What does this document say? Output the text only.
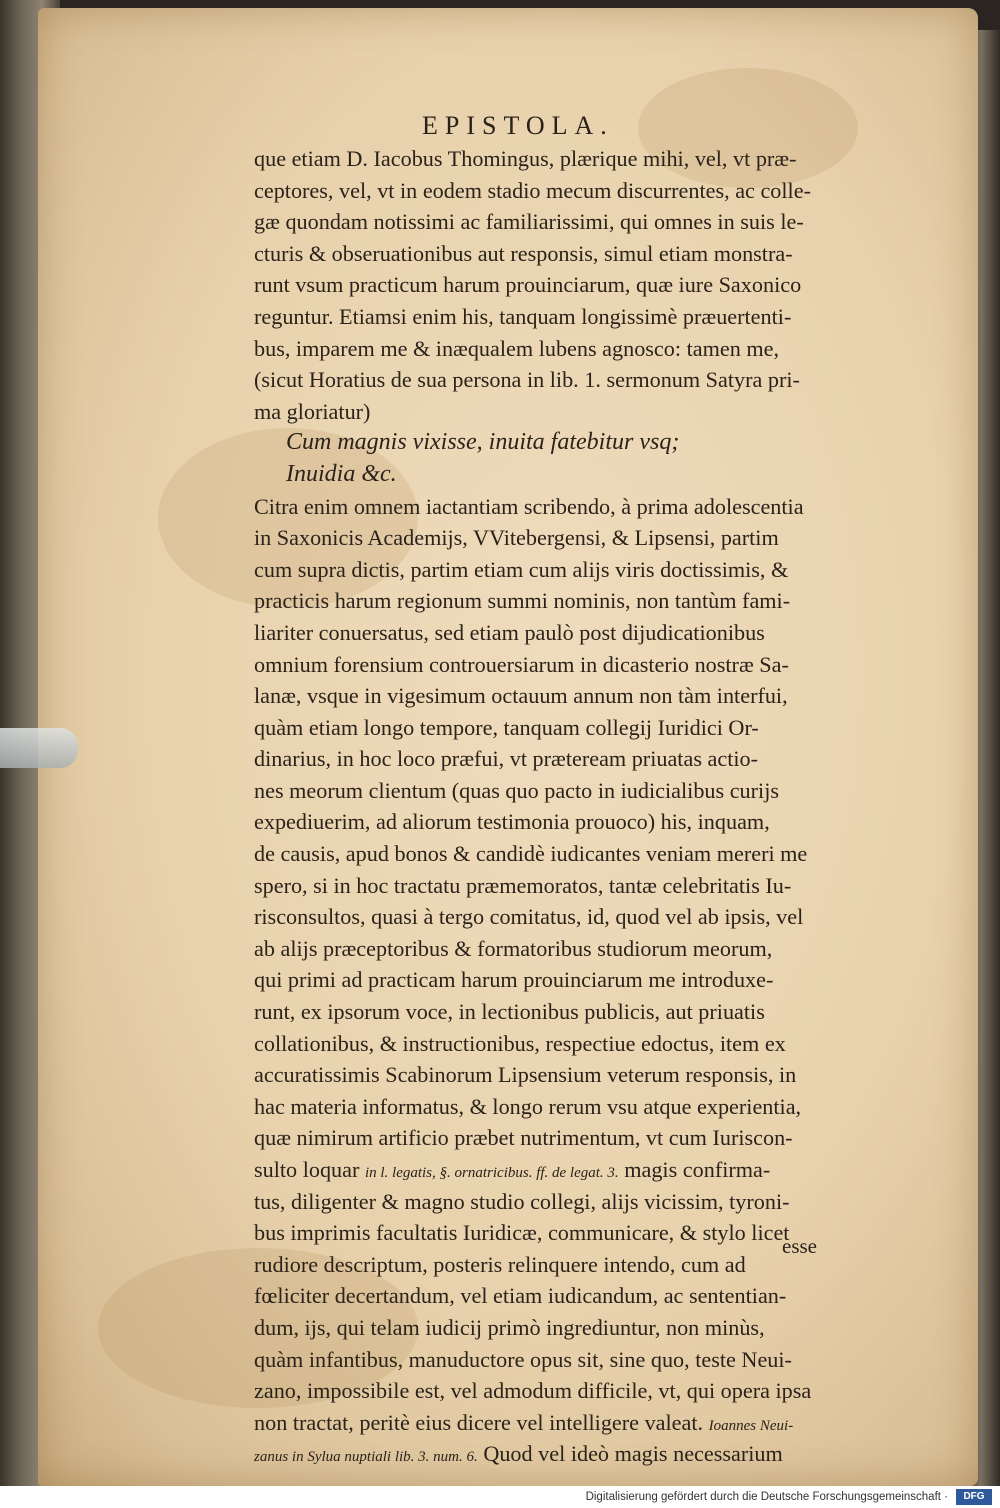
EPISTOLA.
que etiam D. Iacobus Thomingus, plærique mihi, vel, vt præ-
ceptores, vel, vt in eodem stadio mecum discurrentes, ac colle-
gæ quondam notissimi ac familiarissimi, qui omnes in suis le-
cturis & obseruationibus aut responsis, simul etiam monstra-
runt vsum practicum harum prouinciarum, quæ iure Saxonico
reguntur. Etiamsi enim his, tanquam longissimè præuertenti-
bus, imparem me & inæqualem lubens agnosco: tamen me,
(sicut Horatius de sua persona in lib. 1. sermonum Satyra pri-
ma gloriatur)
Cum magnis vixisse, inuita fatebitur vsq;
Inuidia &c.
Citra enim omnem iactantiam scribendo, à prima adolescentia
in Saxonicis Academijs, VVitebergensi, & Lipsensi, partim
cum supra dictis, partim etiam cum alijs viris doctissimis, &
practicis harum regionum summi nominis, non tantùm fami-
liariter conuersatus, sed etiam paulò post dijudicationibus
omnium forensium controuersiarum in dicasterio nostræ Sa-
lanæ, vsque in vigesimum octauum annum non tàm interfui,
quàm etiam longo tempore, tanquam collegij Iuridici Or-
dinarius, in hoc loco præfui, vt præteream priuatas actio-
nes meorum clientum (quas quo pacto in iudicialibus curijs
expediuerim, ad aliorum testimonia prouoco) his, inquam,
de causis, apud bonos & candidè iudicantes veniam mereri me
spero, si in hoc tractatu præmemoratos, tantæ celebritatis Iu-
risconsultos, quasi à tergo comitatus, id, quod vel ab ipsis, vel
ab alijs præceptoribus & formatoribus studiorum meorum,
qui primi ad practicam harum prouinciarum me introduxe-
runt, ex ipsorum voce, in lectionibus publicis, aut priuatis
collationibus, & instructionibus, respectiue edoctus, item ex
accuratissimis Scabinorum Lipsensium veterum responsis, in
hac materia informatus, & longo rerum vsu atque experientia,
quæ nimirum artificio præbet nutrimentum, vt cum Iuriscon-
sulto loquar in l. legatis, §. ornatricibus. ff. de legat. 3. magis confirma-
tus, diligenter & magno studio collegi, alijs vicissim, tyroni-
bus imprimis facultatis Iuridicæ, communicare, & stylo licet
rudiore descriptum, posteris relinquere intendo, cum ad
fœliciter decertandum, vel etiam iudicandum, ac sententian-
dum, ijs, qui telam iudicij primò ingrediuntur, non minùs,
quàm infantibus, manuductore opus sit, sine quo, teste Neui-
zano, impossibile est, vel admodum difficile, vt, qui opera ipsa
non tractat, peritè eius dicere vel intelligere valeat. Ioannes Neui-
zanus in Sylua nuptiali lib. 3. num. 6. Quod vel ideò magis necessarium
esse
Digitalisierung gefördert durch die Deutsche Forschungsgemeinschaft ·	DFG
